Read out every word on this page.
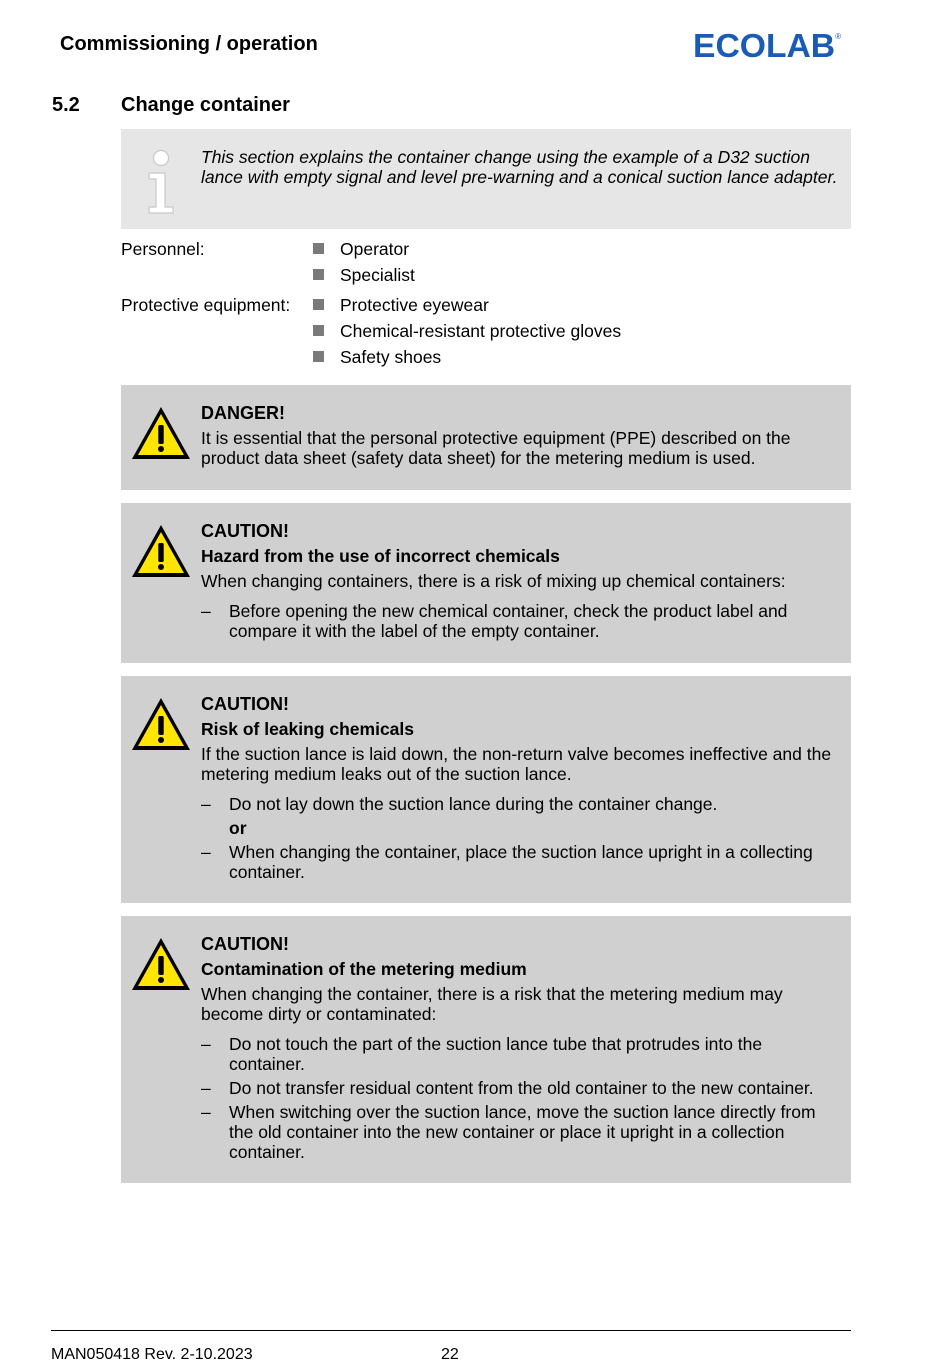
Commissioning / operation	ECOLAB ®
5.2 Change container
This section explains the container change using the example of a D32 suction lance with empty signal and level pre-warning and a conical suction lance adapter.
Personnel:	Operator
Specialist
Protective equipment:	Protective eyewear
Chemical-resistant protective gloves
Safety shoes
DANGER!
It is essential that the personal protective equipment (PPE) described on the product data sheet (safety data sheet) for the metering medium is used.
CAUTION!
Hazard from the use of incorrect chemicals
When changing containers, there is a risk of mixing up chemical containers:
– Before opening the new chemical container, check the product label and compare it with the label of the empty container.
CAUTION!
Risk of leaking chemicals
If the suction lance is laid down, the non-return valve becomes ineffective and the metering medium leaks out of the suction lance.
– Do not lay down the suction lance during the container change.
or
– When changing the container, place the suction lance upright in a collecting container.
CAUTION!
Contamination of the metering medium
When changing the container, there is a risk that the metering medium may become dirty or contaminated:
– Do not touch the part of the suction lance tube that protrudes into the container.
– Do not transfer residual content from the old container to the new container.
– When switching over the suction lance, move the suction lance directly from the old container into the new container or place it upright in a collection container.
MAN050418 Rev. 2-10.2023	22
